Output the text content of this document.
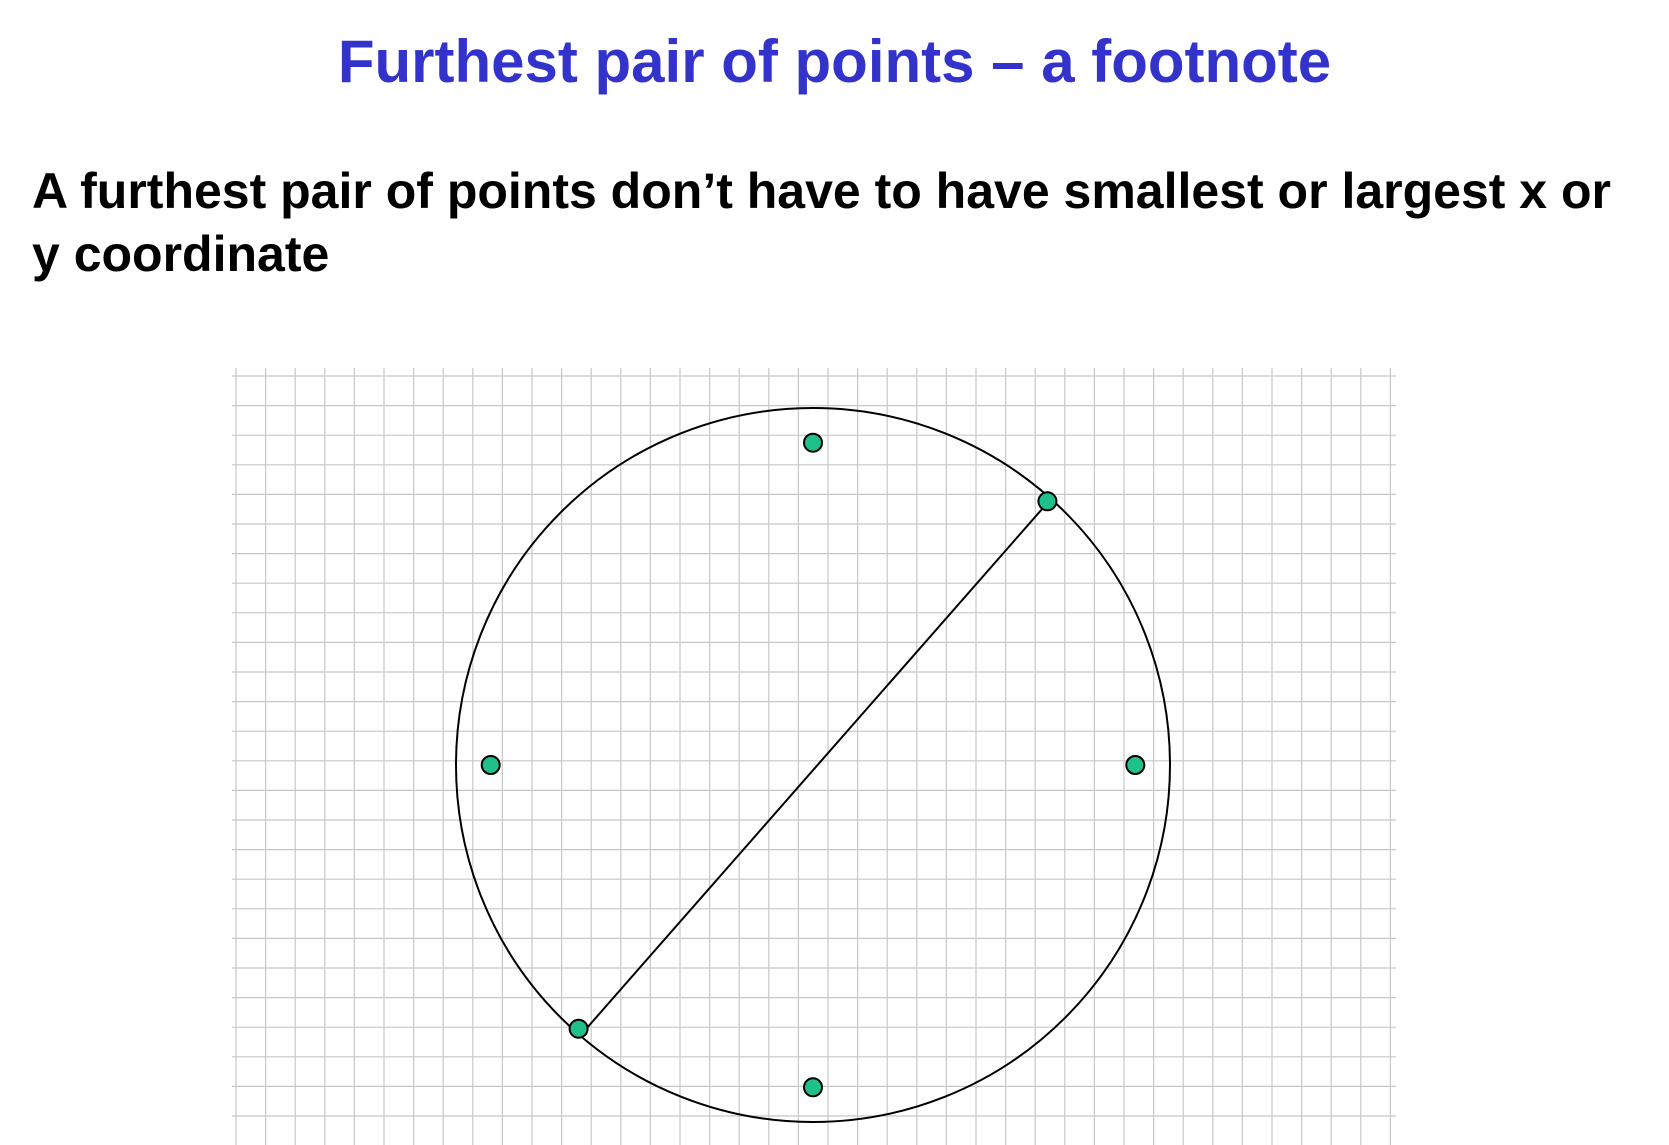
Furthest pair of points – a footnote

A furthest pair of points don’t have to have smallest or largest x or y coordinate
